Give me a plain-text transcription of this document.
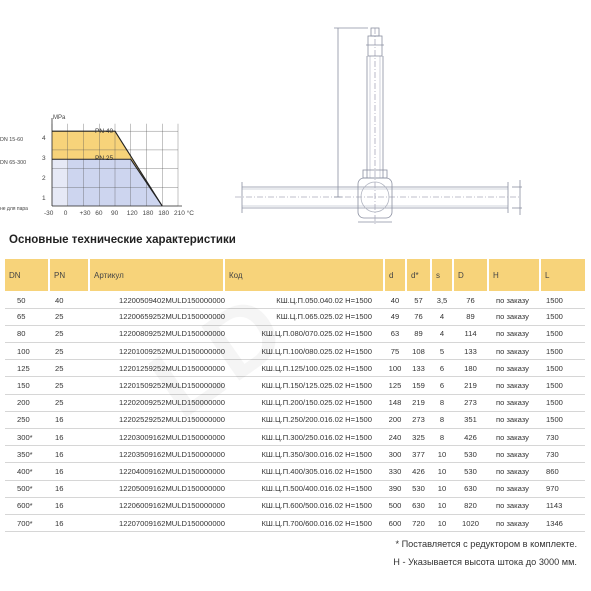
MPa
4
3
2
1
DN 15-60
DN 65-300
не для пара
PN 40
PN 25
-30 0 +30 60 90 120 180 180 210 °C
Основные технические характеристики
DN	PN	Артикул	Код	d	d*	s	D	H	L
50	40	12200509402MULD150000000	КШ.Ц.П.050.040.02 H=1500	40	57	3,5	76	по заказу	1500
65	25	12200659252MULD150000000	КШ.Ц.П.065.025.02 H=1500	49	76	4	89	по заказу	1500
80	25	12200809252MULD150000000	КШ.Ц.П.080/070.025.02 H=1500	63	89	4	114	по заказу	1500
100	25	12201009252MULD150000000	КШ.Ц.П.100/080.025.02 H=1500	75	108	5	133	по заказу	1500
125	25	12201259252MULD150000000	КШ.Ц.П.125/100.025.02 H=1500	100	133	6	180	по заказу	1500
150	25	12201509252MULD150000000	КШ.Ц.П.150/125.025.02 H=1500	125	159	6	219	по заказу	1500
200	25	12202009252MULD150000000	КШ.Ц.П.200/150.025.02 H=1500	148	219	8	273	по заказу	1500
250	16	12202529252MULD150000000	КШ.Ц.П.250/200.016.02 H=1500	200	273	8	351	по заказу	1500
300*	16	12203009162MULD150000000	КШ.Ц.П.300/250.016.02 H=1500	240	325	8	426	по заказу	730
350*	16	12203509162MULD150000000	КШ.Ц.П.350/300.016.02 H=1500	300	377	10	530	по заказу	730
400*	16	12204009162MULD150000000	КШ.Ц.П.400/305.016.02 H=1500	330	426	10	530	по заказу	860
500*	16	12205009162MULD150000000	КШ.Ц.П.500/400.016.02 H=1500	390	530	10	630	по заказу	970
600*	16	12206009162MULD150000000	КШ.Ц.П.600/500.016.02 H=1500	500	630	10	820	по заказу	1143
700*	16	12207009162MULD150000000	КШ.Ц.П.700/600.016.02 H=1500	600	720	10	1020	по заказу	1346
* Поставляется с редуктором в комплекте.
H - Указывается высота штока до 3000 мм.
